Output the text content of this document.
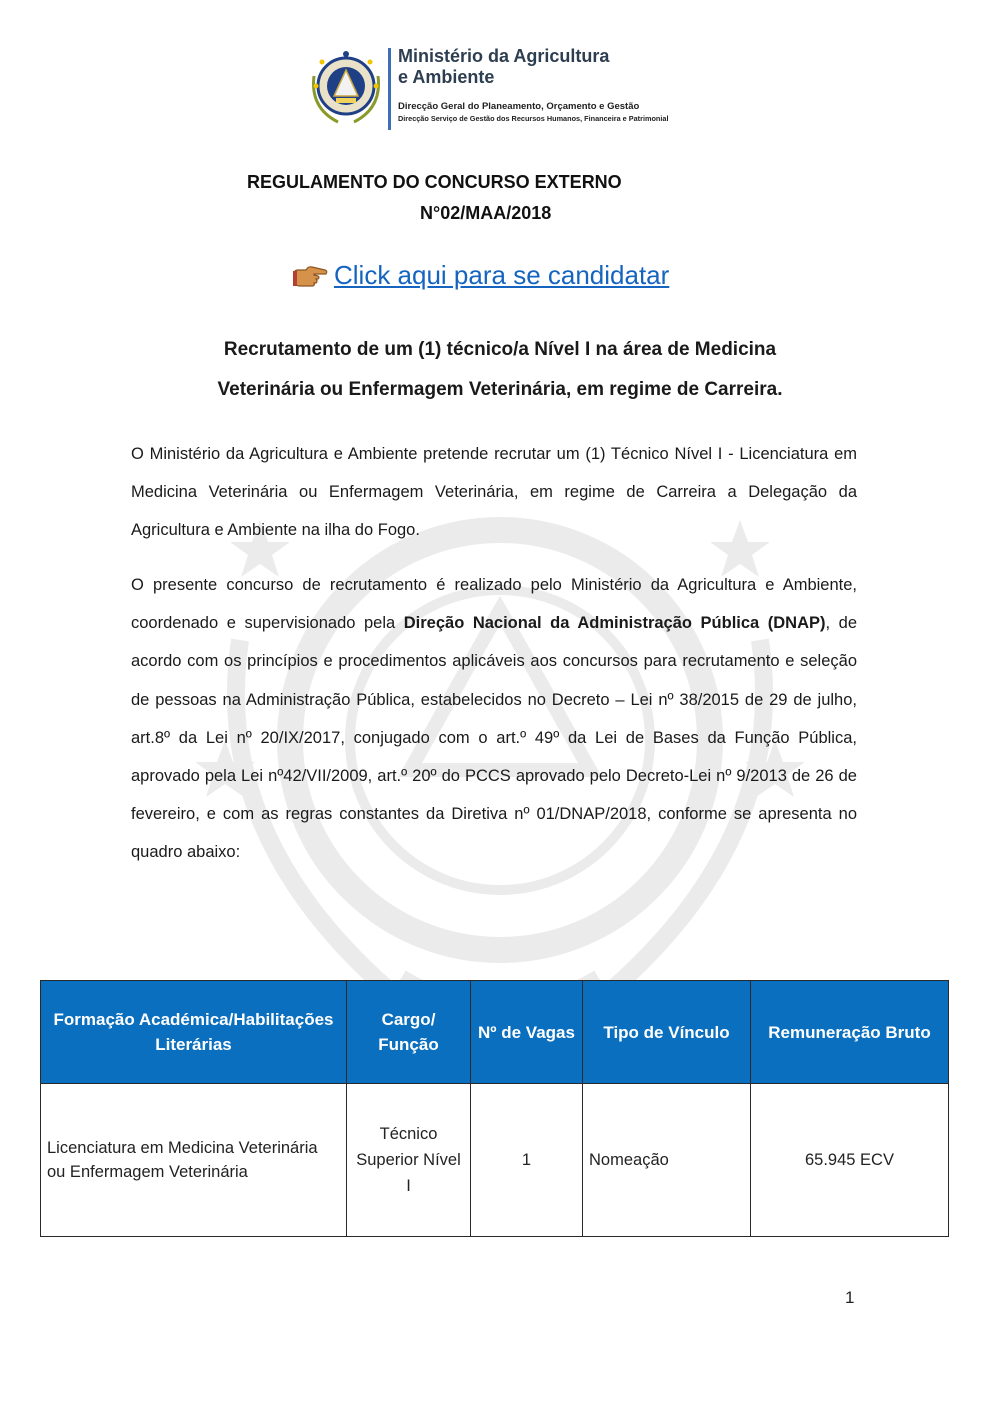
Ministério da Agricultura
e Ambiente
Direcção Geral do Planeamento, Orçamento e Gestão
Direcção Serviço de Gestão dos Recursos Humanos, Financeira e Patrimonial
REGULAMENTO DO CONCURSO EXTERNO
N°02/MAA/2018
Click aqui para se candidatar
Recrutamento de um (1) técnico/a Nível I na área de Medicina
Veterinária ou Enfermagem Veterinária, em regime de Carreira.
O Ministério da Agricultura e Ambiente pretende recrutar um (1) Técnico Nível I - Licenciatura em Medicina Veterinária ou Enfermagem Veterinária, em regime de Carreira a Delegação da Agricultura e Ambiente na ilha do Fogo.
O presente concurso de recrutamento é realizado pelo Ministério da Agricultura e Ambiente, coordenado e supervisionado pela Direção Nacional da Administração Pública (DNAP), de acordo com os princípios e procedimentos aplicáveis aos concursos para recrutamento e seleção de pessoas na Administração Pública, estabelecidos no Decreto – Lei nº 38/2015 de 29 de julho, art.8º da Lei nº 20/IX/2017, conjugado com o art.º 49º da Lei de Bases da Função Pública, aprovado pela Lei nº42/VII/2009, art.º 20º do PCCS aprovado pelo Decreto-Lei nº 9/2013 de 26 de fevereiro, e com as regras constantes da Diretiva nº 01/DNAP/2018, conforme se apresenta no quadro abaixo:
Formação Académica/Habilitações Literárias	Cargo/ Função	Nº de Vagas	Tipo de Vínculo	Remuneração Bruto
Licenciatura em Medicina Veterinária ou Enfermagem Veterinária	Técnico Superior Nível I	1	Nomeação	65.945 ECV
1
